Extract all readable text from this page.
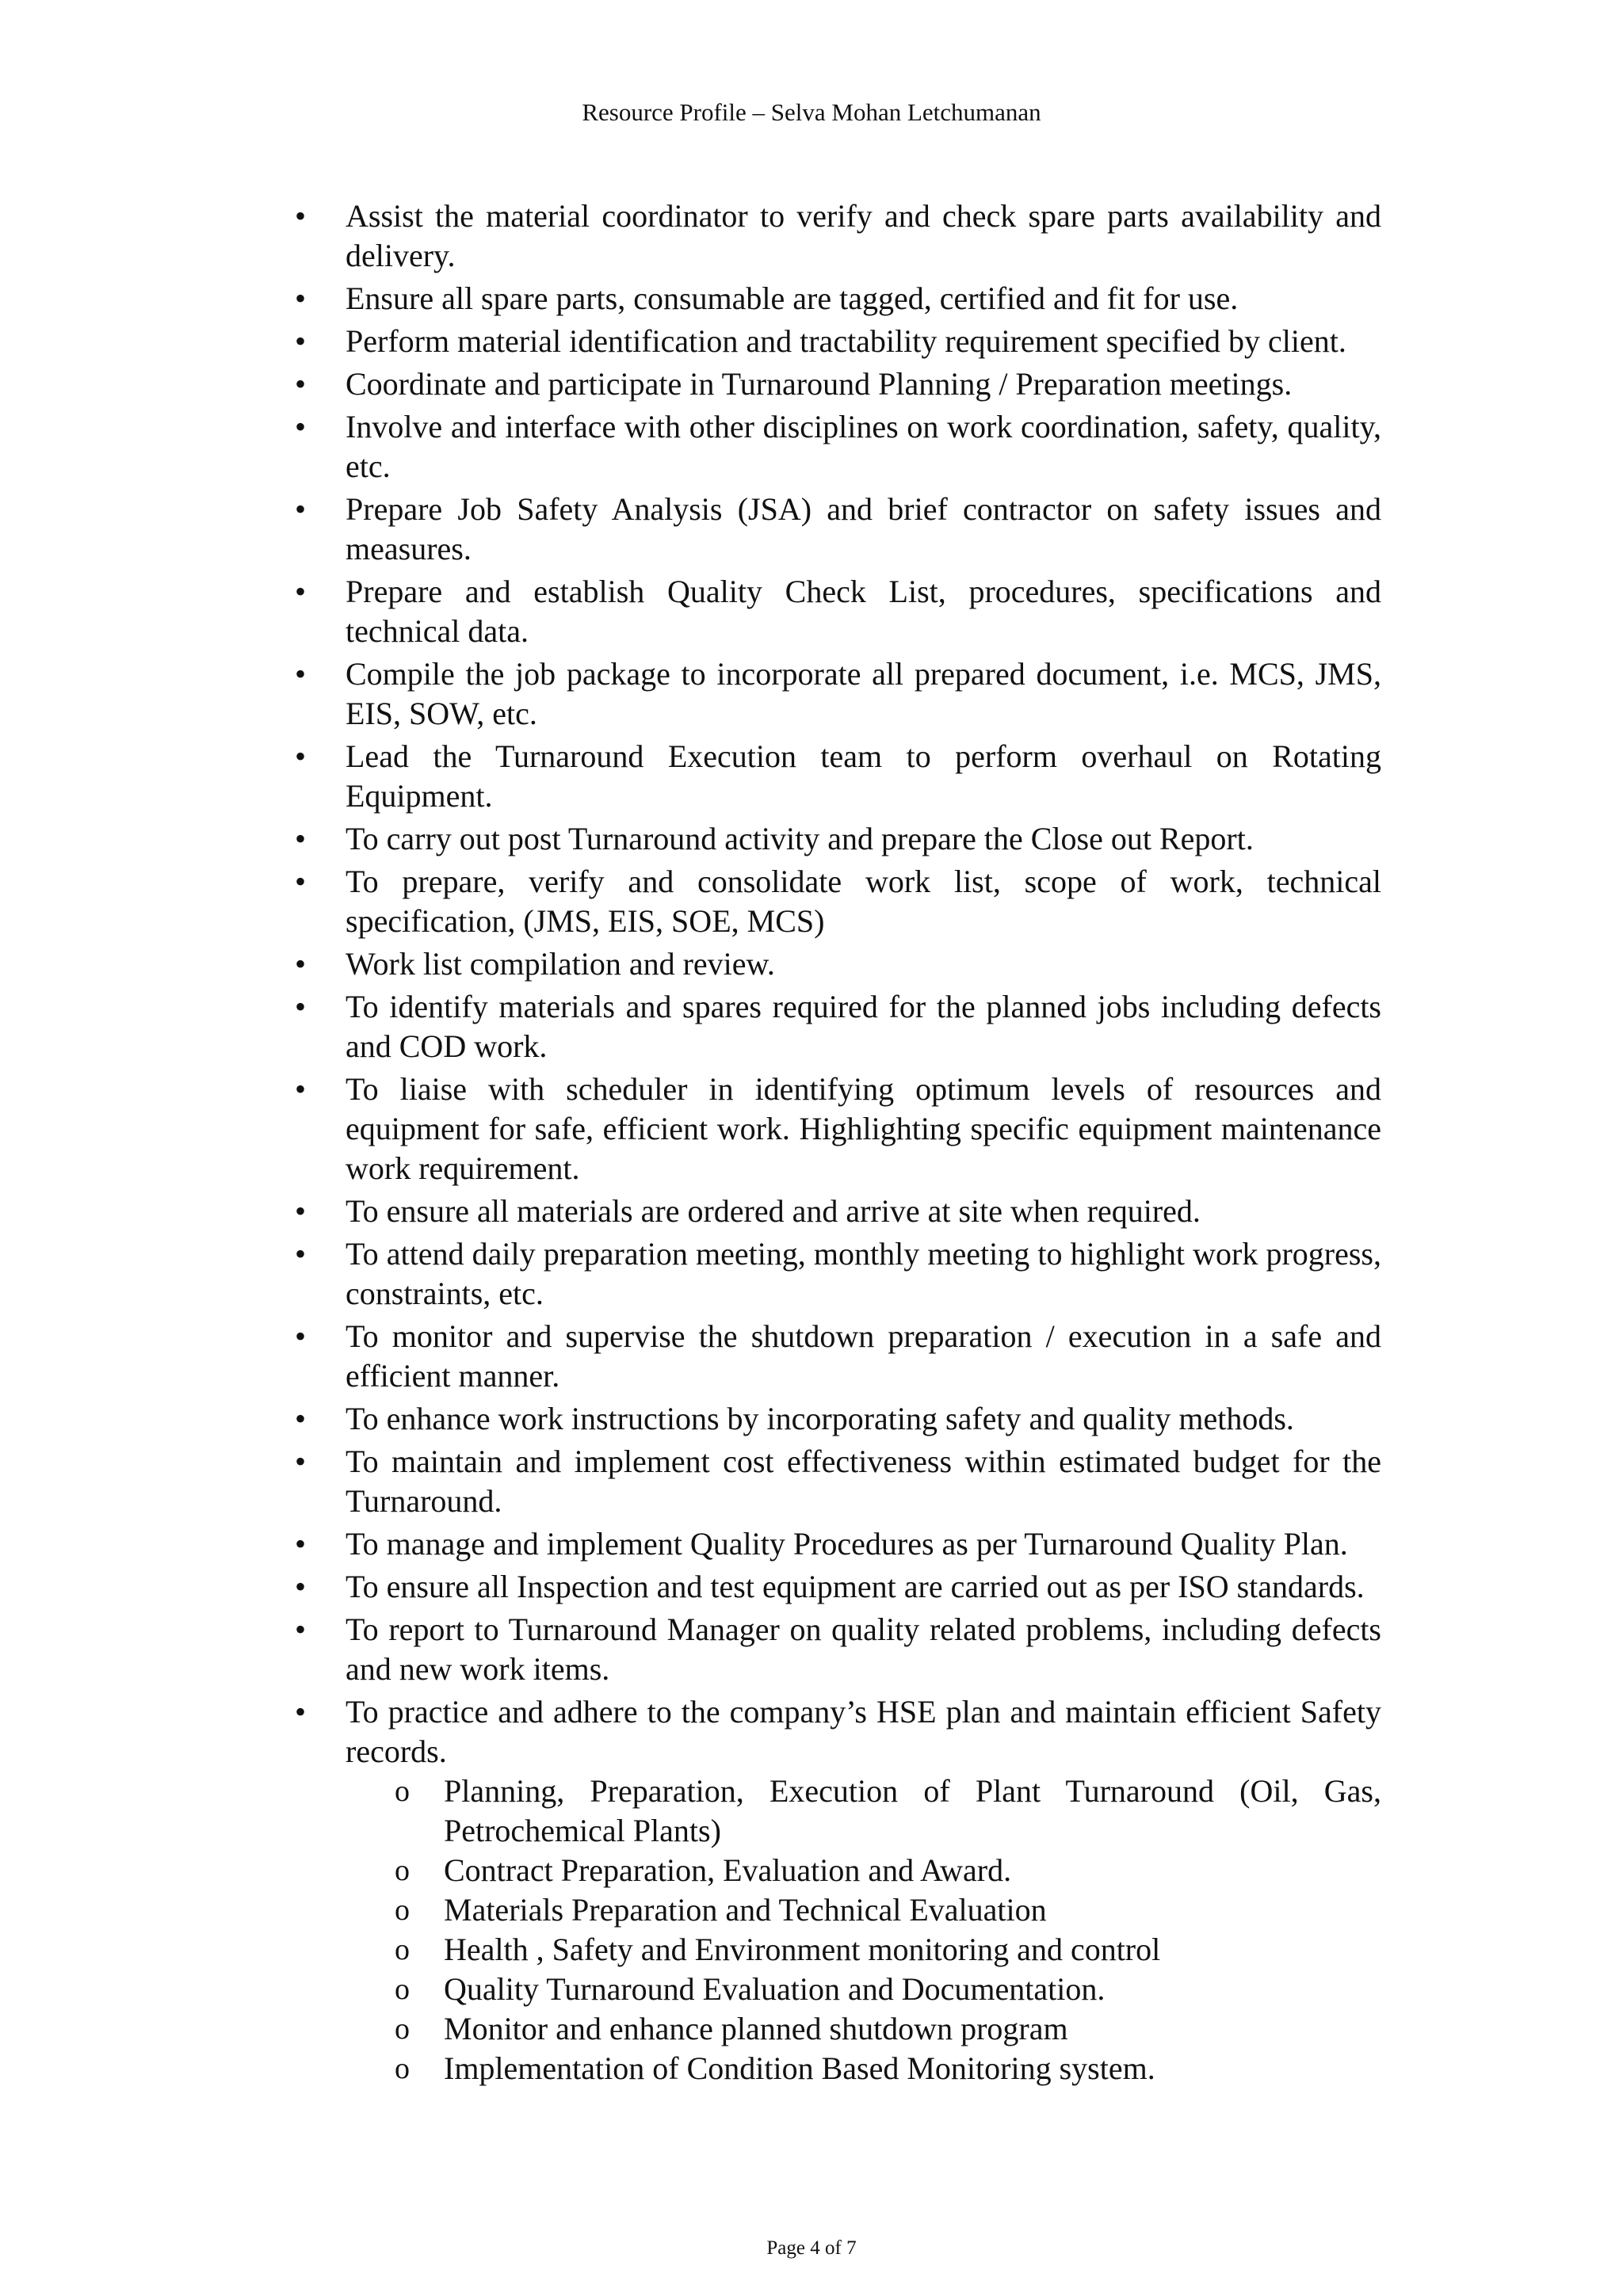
Resource Profile – Selva Mohan Letchumanan
• Assist the material coordinator to verify and check spare parts availability and delivery.
• Ensure all spare parts, consumable are tagged, certified and fit for use.
• Perform material identification and tractability requirement specified by client.
• Coordinate and participate in Turnaround Planning / Preparation meetings.
• Involve and interface with other disciplines on work coordination, safety, quality, etc.
• Prepare Job Safety Analysis (JSA) and brief contractor on safety issues and measures.
• Prepare and establish Quality Check List, procedures, specifications and technical data.
• Compile the job package to incorporate all prepared document, i.e. MCS, JMS, EIS, SOW, etc.
• Lead the Turnaround Execution team to perform overhaul on Rotating Equipment.
• To carry out post Turnaround activity and prepare the Close out Report.
• To prepare, verify and consolidate work list, scope of work, technical specification, (JMS, EIS, SOE, MCS)
• Work list compilation and review.
• To identify materials and spares required for the planned jobs including defects and COD work.
• To liaise with scheduler in identifying optimum levels of resources and equipment for safe, efficient work. Highlighting specific equipment maintenance work requirement.
• To ensure all materials are ordered and arrive at site when required.
• To attend daily preparation meeting, monthly meeting to highlight work progress, constraints, etc.
• To monitor and supervise the shutdown preparation / execution in a safe and efficient manner.
• To enhance work instructions by incorporating safety and quality methods.
• To maintain and implement cost effectiveness within estimated budget for the Turnaround.
• To manage and implement Quality Procedures as per Turnaround Quality Plan.
• To ensure all Inspection and test equipment are carried out as per ISO standards.
• To report to Turnaround Manager on quality related problems, including defects and new work items.
• To practice and adhere to the company’s HSE plan and maintain efficient Safety records.
o Planning, Preparation, Execution of Plant Turnaround (Oil, Gas, Petrochemical Plants)
o Contract Preparation, Evaluation and Award.
o Materials Preparation and Technical Evaluation
o Health , Safety and Environment monitoring and control
o Quality Turnaround Evaluation and Documentation.
o Monitor and enhance planned shutdown program
o Implementation of Condition Based Monitoring system.
Page 4 of 7
